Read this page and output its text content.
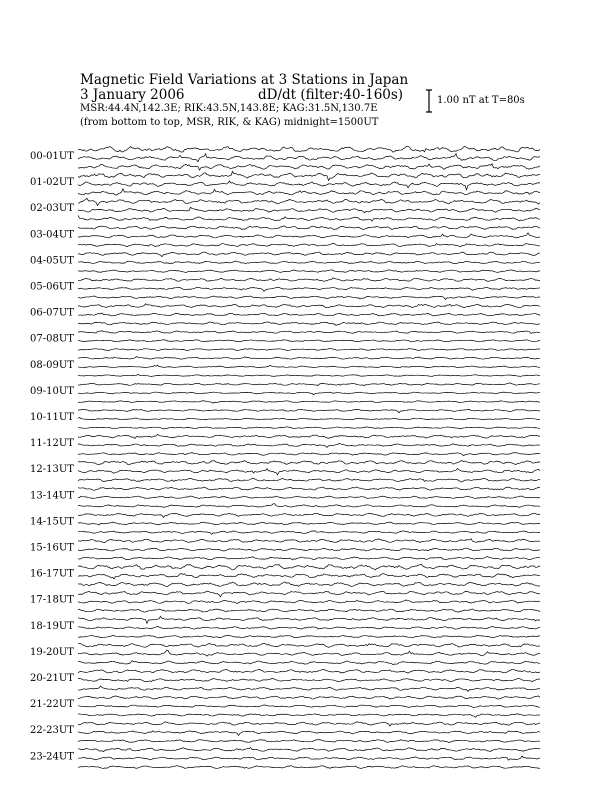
Magnetic Field Variations at 3 Stations in Japan
3 January 2006	dD/dt (filter:40-160s)
MSR:44.4N,142.3E; RIK:43.5N,143.8E; KAG:31.5N,130.7E
(from bottom to top, MSR, RIK, & KAG) midnight=1500UT
1.00 nT at T=80s
00-01UT
01-02UT
02-03UT
03-04UT
04-05UT
05-06UT
06-07UT
07-08UT
08-09UT
09-10UT
10-11UT
11-12UT
12-13UT
13-14UT
14-15UT
15-16UT
16-17UT
17-18UT
18-19UT
19-20UT
20-21UT
21-22UT
22-23UT
23-24UT
